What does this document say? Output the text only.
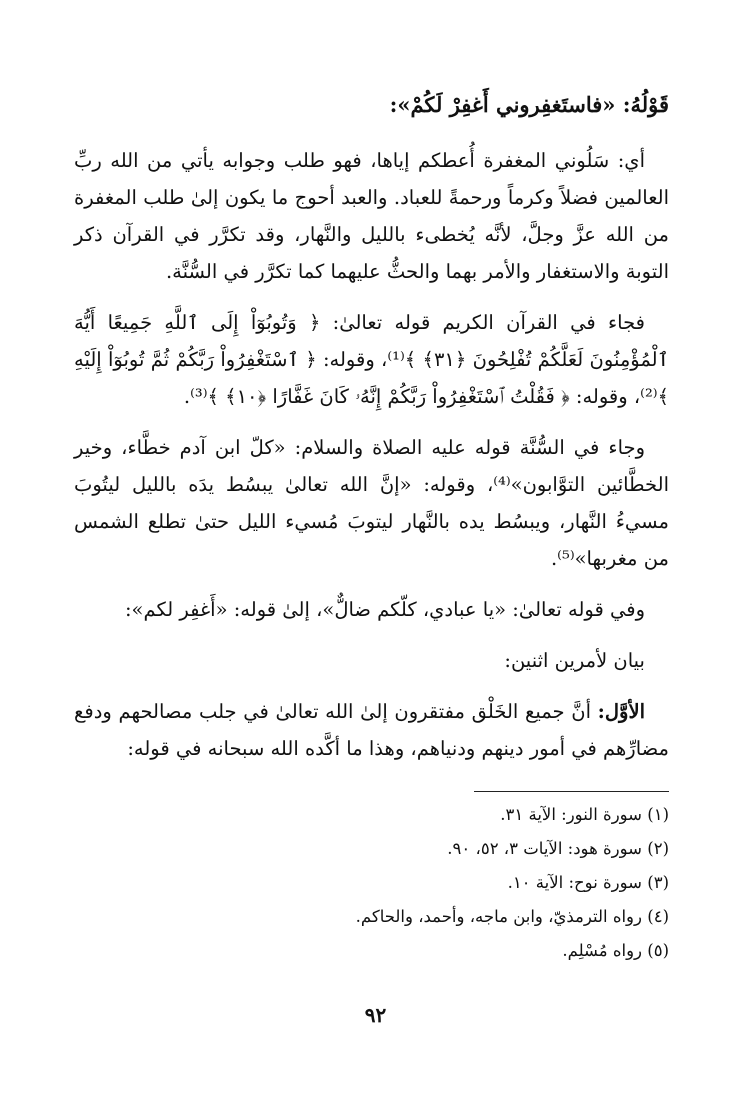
قَوْلُهُ: «فاستَغفِروني أَغفِرْ لَكُمْ»:

أي: سَلُوني المغفرة أُعطكم إياها، فهو طلب وجوابه يأتي من الله ربِّ العالمين فضلاً وكرماً ورحمةً للعباد. والعبد أحوج ما يكون إلىٰ طلب المغفرة من الله عزَّ وجلَّ، لأنَّه يُخطىء بالليل والنَّهار، وقد تكرَّر في القرآن ذكر التوبة والاستغفار والأمر بهما والحثُّ عليهما كما تكرَّر في السُّنَّة.

فجاء في القرآن الكريم قوله تعالىٰ: ﴿ وَتُوبُوٓاْ إِلَى ٱللَّهِ جَمِيعًا أَيُّهَ ٱلْمُؤْمِنُونَ لَعَلَّكُمْ تُفْلِحُونَ ﴿٣١﴾ ﴾⁽¹⁾، وقوله: ﴿ ٱسْتَغْفِرُواْ رَبَّكُمْ ثُمَّ تُوبُوٓاْ إِلَيْهِ ﴾⁽²⁾، وقوله: ﴿ فَقُلْتُ ٱسْتَغْفِرُواْ رَبَّكُمْ إِنَّهُۥ كَانَ غَفَّارًا ﴿١٠﴾ ﴾⁽³⁾.

وجاء في السُّنَّة قوله عليه الصلاة والسلام: «كلّ ابن آدم خطَّاء، وخير الخطَّائين التوَّابون»⁽⁴⁾، وقوله: «إنَّ الله تعالىٰ يبسُط يدَه بالليل ليتُوبَ مسيءُ النَّهار، ويبسُط يده بالنَّهار ليتوبَ مُسيء الليل حتىٰ تطلع الشمس من مغربها»⁽⁵⁾.

وفي قوله تعالىٰ: «يا عبادي، كلّكم ضالٌّ»، إلىٰ قوله: «أَغفِر لكم»:

بيان لأمرين اثنين:

الأوَّل: أنَّ جميع الخَلْق مفتقرون إلىٰ الله تعالىٰ في جلب مصالحهم ودفع مضارِّهم في أمور دينهم ودنياهم، وهذا ما أكَّده الله سبحانه في قوله:

(١) سورة النور: الآية ٣١.
(٢) سورة هود: الآيات ٣، ٥٢، ٩٠.
(٣) سورة نوح: الآية ١٠.
(٤) رواه الترمذيّ، وابن ماجه، وأحمد، والحاكم.
(٥) رواه مُسْلِم.
٩٢
